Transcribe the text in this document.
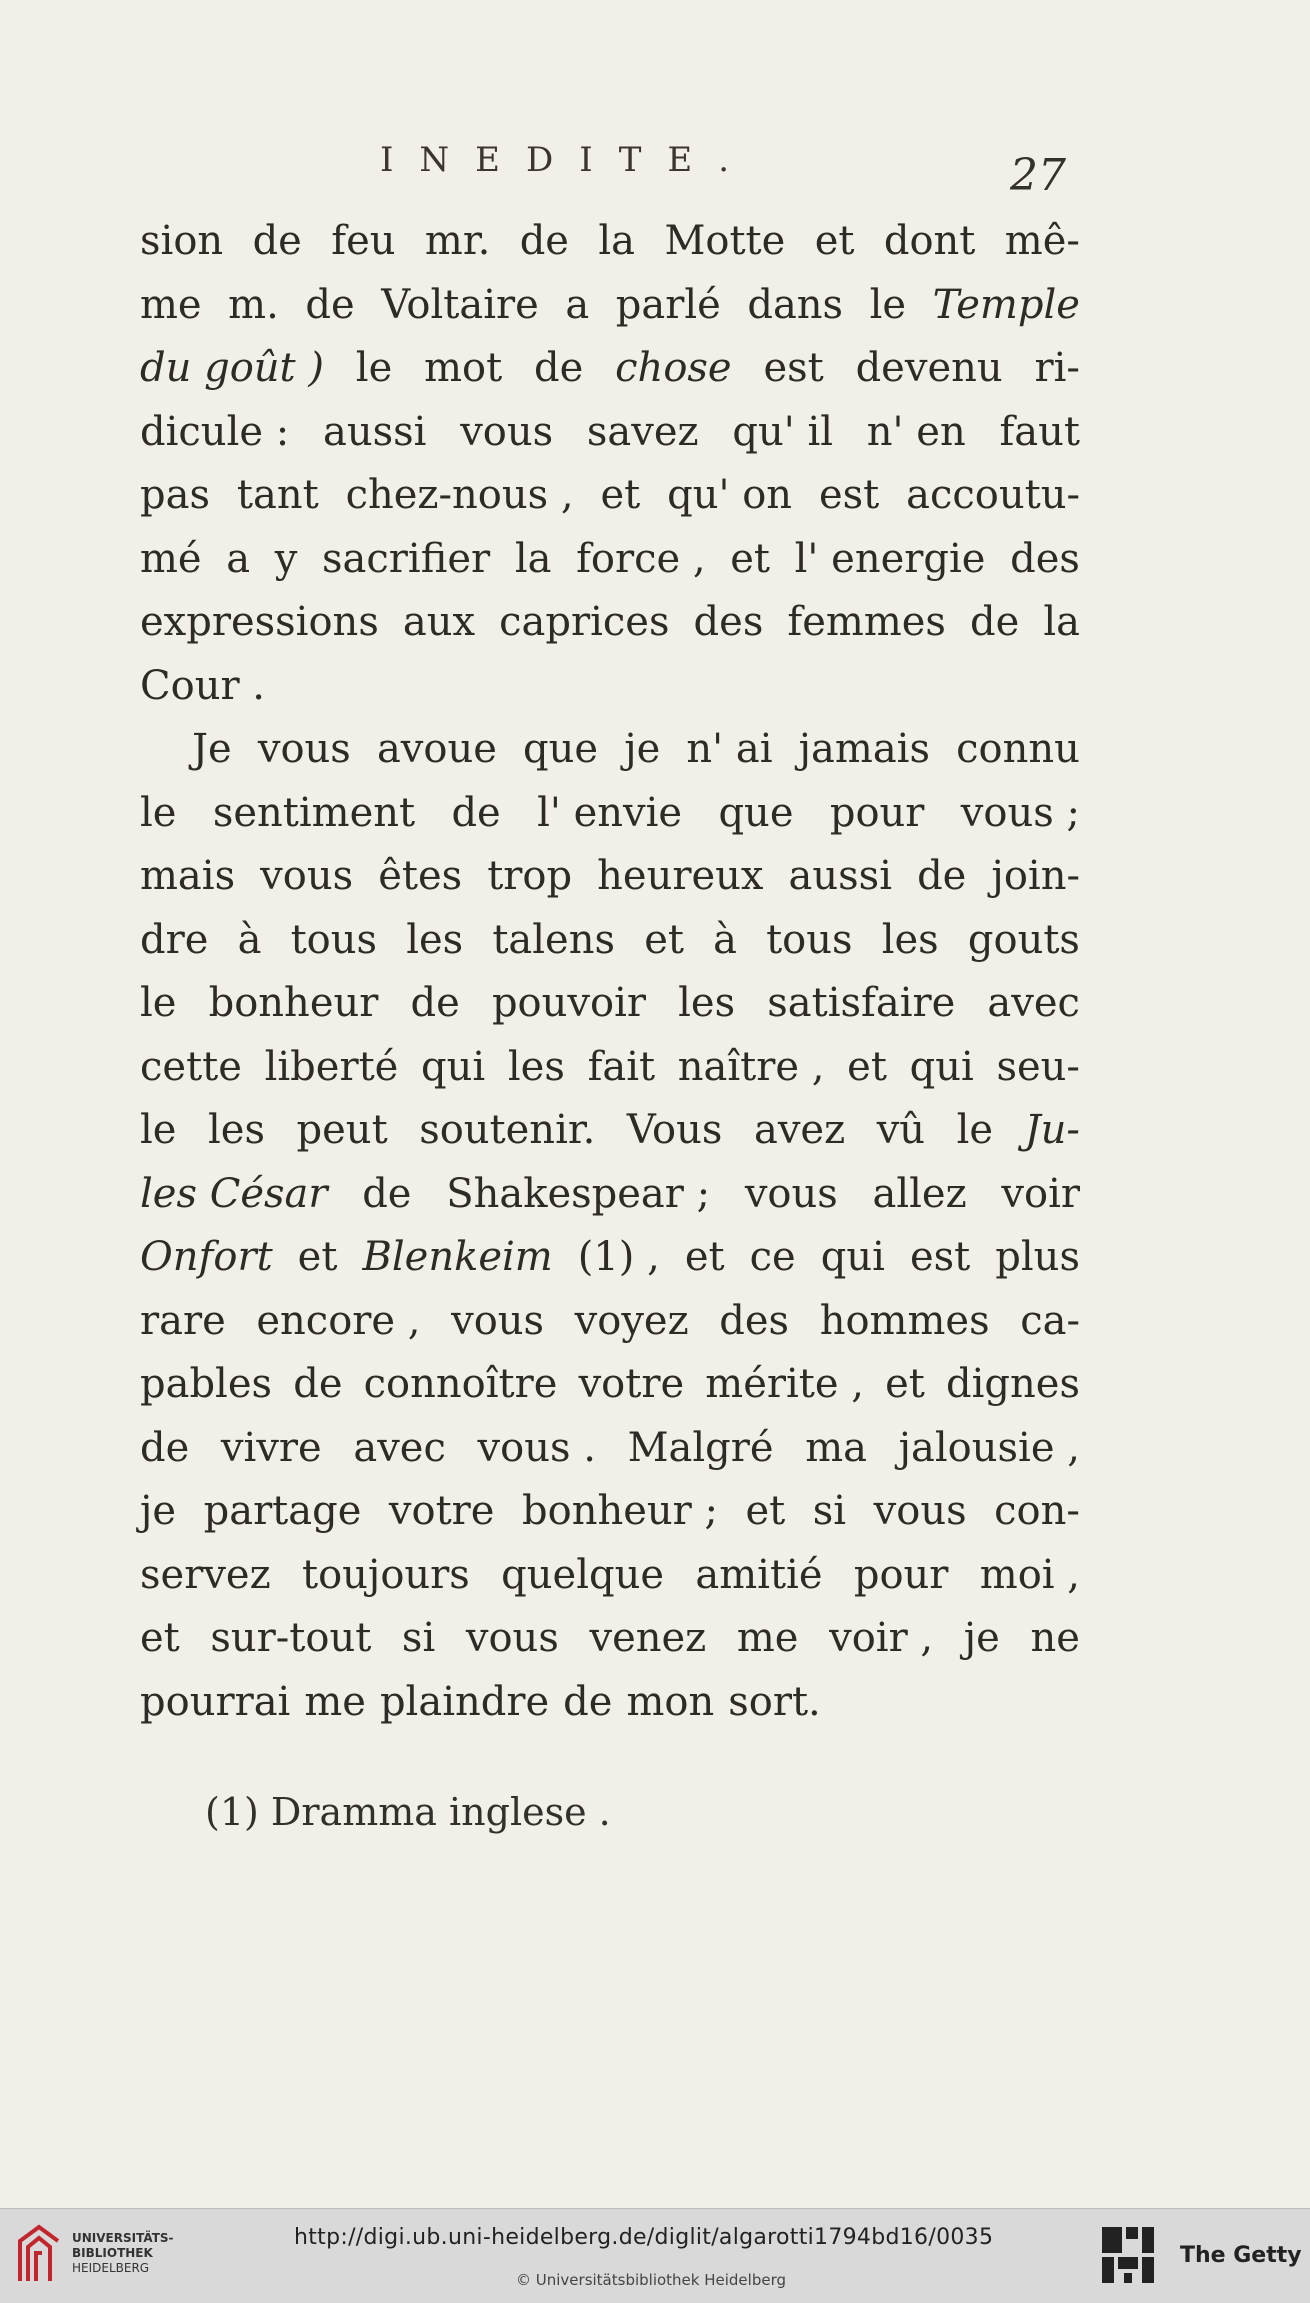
INEDITE.	27
sion de feu mr. de la Motte et dont mê-
me m. de Voltaire a parlé dans le Temple
du goût ) le mot de chose est devenu ri-
dicule : aussi vous savez qu' il n' en faut
pas tant chez-nous , et qu' on est accoutu-
mé a y sacrifier la force , et l' energie des
expressions aux caprices des femmes de la
Cour .
Je vous avoue que je n' ai jamais connu
le sentiment de l' envie que pour vous ;
mais vous êtes trop heureux aussi de join-
dre à tous les talens et à tous les gouts
le bonheur de pouvoir les satisfaire avec
cette liberté qui les fait naître , et qui seu-
le les peut soutenir. Vous avez vû le Ju-
les César de Shakespear ; vous allez voir
Onfort et Blenkeim (1) , et ce qui est plus
rare encore , vous voyez des hommes ca-
pables de connoître votre mérite , et dignes
de vivre avec vous . Malgré ma jalousie ,
je partage votre bonheur ; et si vous con-
servez toujours quelque amitié pour moi ,
et sur-tout si vous venez me voir , je ne
pourrai me plaindre de mon sort.
(1) Dramma inglese .
UNIVERSITÄTS-
BIBLIOTHEK
HEIDELBERG
http://digi.ub.uni-heidelberg.de/diglit/algarotti1794bd16/0035
© Universitätsbibliothek Heidelberg
The Getty
